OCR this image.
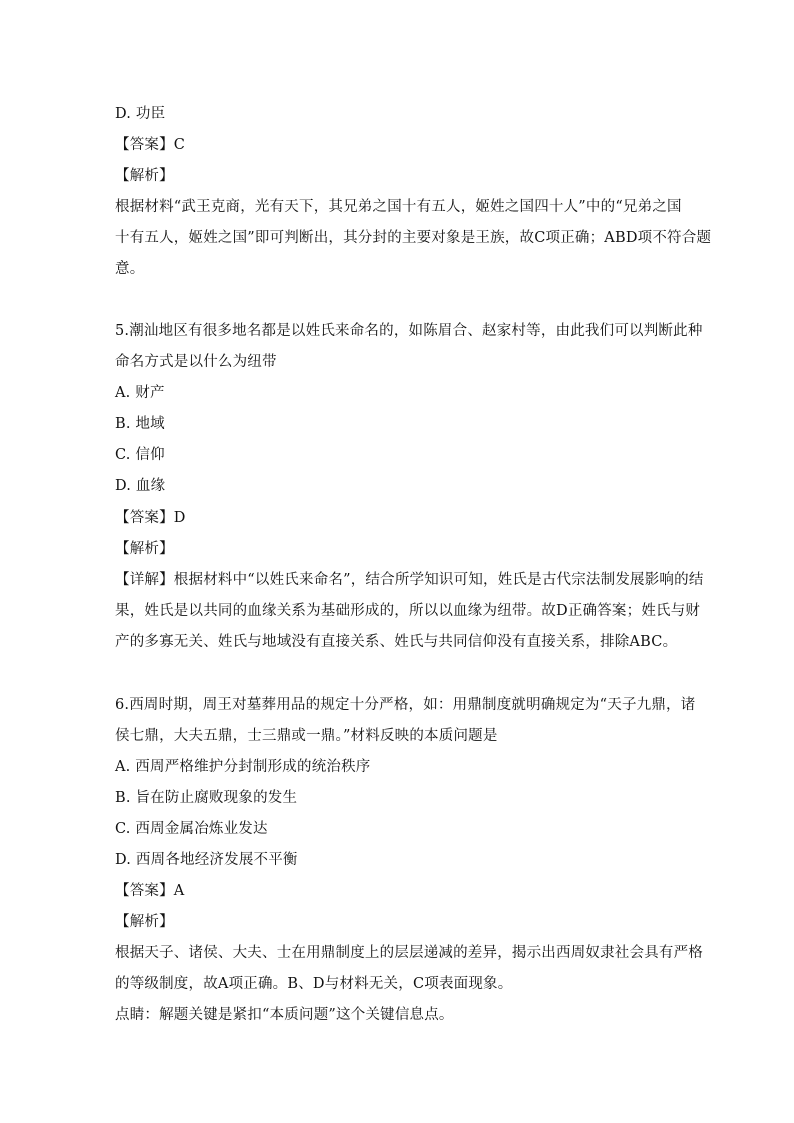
D. 功臣
【答案】C
【解析】
根据材料“武王克商，光有天下，其兄弟之国十有五人，姬姓之国四十人”中的“兄弟之国
十有五人，姬姓之国”即可判断出，其分封的主要对象是王族，故C项正确；ABD项不符合题
意。
5.潮汕地区有很多地名都是以姓氏来命名的，如陈眉合、赵家村等，由此我们可以判断此种
命名方式是以什么为纽带
A. 财产
B. 地域
C. 信仰
D. 血缘
【答案】D
【解析】
【详解】根据材料中“以姓氏来命名”，结合所学知识可知，姓氏是古代宗法制发展影响的结
果，姓氏是以共同的血缘关系为基础形成的，所以以血缘为纽带。故D正确答案；姓氏与财
产的多寡无关、姓氏与地域没有直接关系、姓氏与共同信仰没有直接关系，排除ABC。
6.西周时期，周王对墓葬用品的规定十分严格，如：用鼎制度就明确规定为“天子九鼎，诸
侯七鼎，大夫五鼎，士三鼎或一鼎。”材料反映的本质问题是
A. 西周严格维护分封制形成的统治秩序
B. 旨在防止腐败现象的发生
C. 西周金属冶炼业发达
D. 西周各地经济发展不平衡
【答案】A
【解析】
根据天子、诸侯、大夫、士在用鼎制度上的层层递减的差异，揭示出西周奴隶社会具有严格
的等级制度，故A项正确。B、D与材料无关，C项表面现象。
点睛：解题关键是紧扣“本质问题”这个关键信息点。
